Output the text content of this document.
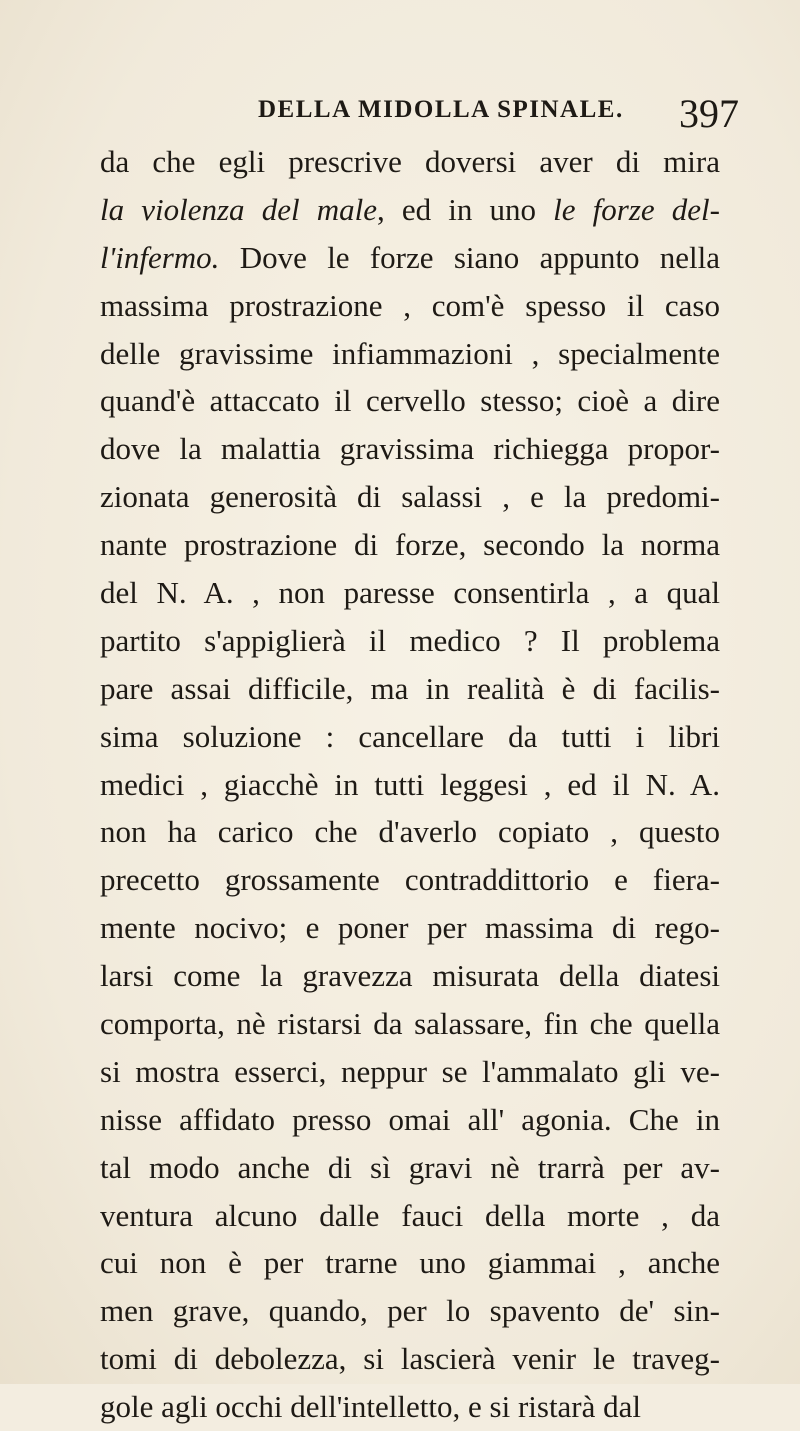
DELLA MIDOLLA SPINALE. 397
da che egli prescrive doversi aver di mira
la violenza del male, ed in uno le forze del-
l'infermo. Dove le forze siano appunto nella
massima prostrazione , com'è spesso il caso
delle gravissime infiammazioni , specialmente
quand'è attaccato il cervello stesso; cioè a dire
dove la malattia gravissima richiegga propor-
zionata generosità di salassi , e la predomi-
nante prostrazione di forze, secondo la norma
del N. A. , non paresse consentirla , a qual
partito s'appiglierà il medico ? Il problema
pare assai difficile, ma in realità è di facilis-
sima soluzione : cancellare da tutti i libri
medici , giacchè in tutti leggesi , ed il N. A.
non ha carico che d'averlo copiato , questo
precetto grossamente contraddittorio e fiera-
mente nocivo; e poner per massima di rego-
larsi come la gravezza misurata della diatesi
comporta, nè ristarsi da salassare, fin che quella
si mostra esserci, neppur se l'ammalato gli ve-
nisse affidato presso omai all' agonia. Che in
tal modo anche di sì gravi nè trarrà per av-
ventura alcuno dalle fauci della morte , da
cui non è per trarne uno giammai , anche
men grave, quando, per lo spavento de' sin-
tomi di debolezza, si lascierà venir le traveg-
gole agli occhi dell'intelletto, e si ristarà dal
